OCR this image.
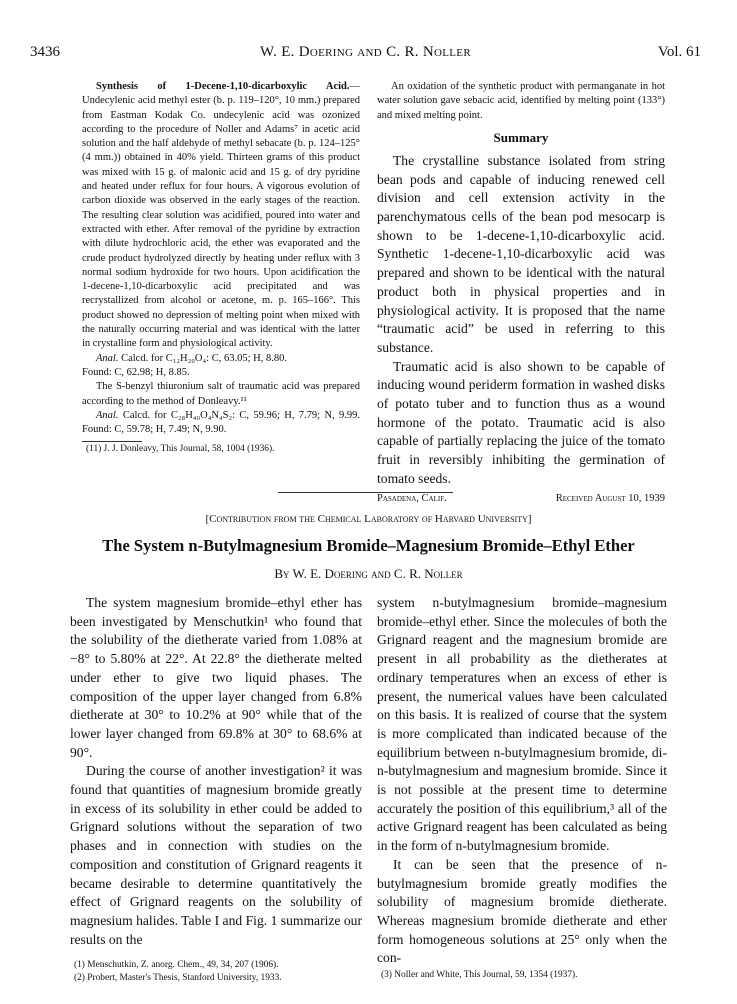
3436	W. E. Doering and C. R. Noller	Vol. 61

Synthesis of 1-Decene-1,10-dicarboxylic Acid.—Undecylenic acid methyl ester (b. p. 119–120°, 10 mm.) prepared from Eastman Kodak Co. undecylenic acid was ozonized according to the procedure of Noller and Adams⁷ in acetic acid solution and the half aldehyde of methyl sebacate (b. p. 124–125° (4 mm.)) obtained in 40% yield. Thirteen grams of this product was mixed with 15 g. of malonic acid and 15 g. of dry pyridine and heated under reflux for four hours. A vigorous evolution of carbon dioxide was observed in the early stages of the reaction. The resulting clear solution was acidified, poured into water and extracted with ether. After removal of the pyridine by extraction with dilute hydrochloric acid, the ether was evaporated and the crude product hydrolyzed directly by heating under reflux with 3 normal sodium hydroxide for two hours. Upon acidification the 1-decene-1,10-dicarboxylic acid precipitated and was recrystallized from alcohol or acetone, m. p. 165–166°. This product showed no depression of melting point when mixed with the naturally occurring material and was identical with the latter in crystalline form and physiological activity.

Anal. Calcd. for C₁₂H₂₀O₄: C, 63.05; H, 8.80.

Found: C, 62.98; H, 8.85.

The S-benzyl thiuronium salt of traumatic acid was prepared according to the method of Donleavy.¹¹

Anal. Calcd. for C₂₈H₄₀O₄N₄S₂: C, 59.96; H, 7.79; N, 9.99. Found: C, 59.78; H, 7.49; N, 9.90.

(11) J. J. Donleavy, This Journal, 58, 1004 (1936).

An oxidation of the synthetic product with permanganate in hot water solution gave sebacic acid, identified by melting point (133°) and mixed melting point.

Summary

The crystalline substance isolated from string bean pods and capable of inducing renewed cell division and cell extension activity in the parenchymatous cells of the bean pod mesocarp is shown to be 1-decene-1,10-dicarboxylic acid. Synthetic 1-decene-1,10-dicarboxylic acid was prepared and shown to be identical with the natural product both in physical properties and in physiological activity. It is proposed that the name “traumatic acid” be used in referring to this substance.

Traumatic acid is also shown to be capable of inducing wound periderm formation in washed disks of potato tuber and to function thus as a wound hormone of the potato. Traumatic acid is also capable of partially replacing the juice of the tomato fruit in reversibly inhibiting the germination of tomato seeds.

Pasadena, Calif.	Received August 10, 1939
[Contribution from the Chemical Laboratory of Harvard University]
The System n-Butylmagnesium Bromide–Magnesium Bromide–Ethyl Ether
By W. E. Doering and C. R. Noller

The system magnesium bromide–ethyl ether has been investigated by Menschutkin¹ who found that the solubility of the dietherate varied from 1.08% at −8° to 5.80% at 22°. At 22.8° the dietherate melted under ether to give two liquid phases. The composition of the upper layer changed from 6.8% dietherate at 30° to 10.2% at 90° while that of the lower layer changed from 69.8% at 30° to 68.6% at 90°.

During the course of another investigation² it was found that quantities of magnesium bromide greatly in excess of its solubility in ether could be added to Grignard solutions without the separation of two phases and in connection with studies on the composition and constitution of Grignard reagents it became desirable to determine quantitatively the effect of Grignard reagents on the solubility of magnesium halides. Table I and Fig. 1 summarize our results on the

(1) Menschutkin, Z. anorg. Chem., 49, 34, 207 (1906).

(2) Probert, Master's Thesis, Stanford University, 1933.

system n-butylmagnesium bromide–magnesium bromide–ethyl ether. Since the molecules of both the Grignard reagent and the magnesium bromide are present in all probability as the dietherates at ordinary temperatures when an excess of ether is present, the numerical values have been calculated on this basis. It is realized of course that the system is more complicated than indicated because of the equilibrium between n-butylmagnesium bromide, di-n-butylmagnesium and magnesium bromide. Since it is not possible at the present time to determine accurately the position of this equilibrium,³ all of the active Grignard reagent has been calculated as being in the form of n-butylmagnesium bromide.

It can be seen that the presence of n-butylmagnesium bromide greatly modifies the solubility of magnesium bromide dietherate. Whereas magnesium bromide dietherate and ether form homogeneous solutions at 25° only when the con-

(3) Noller and White, This Journal, 59, 1354 (1937).
